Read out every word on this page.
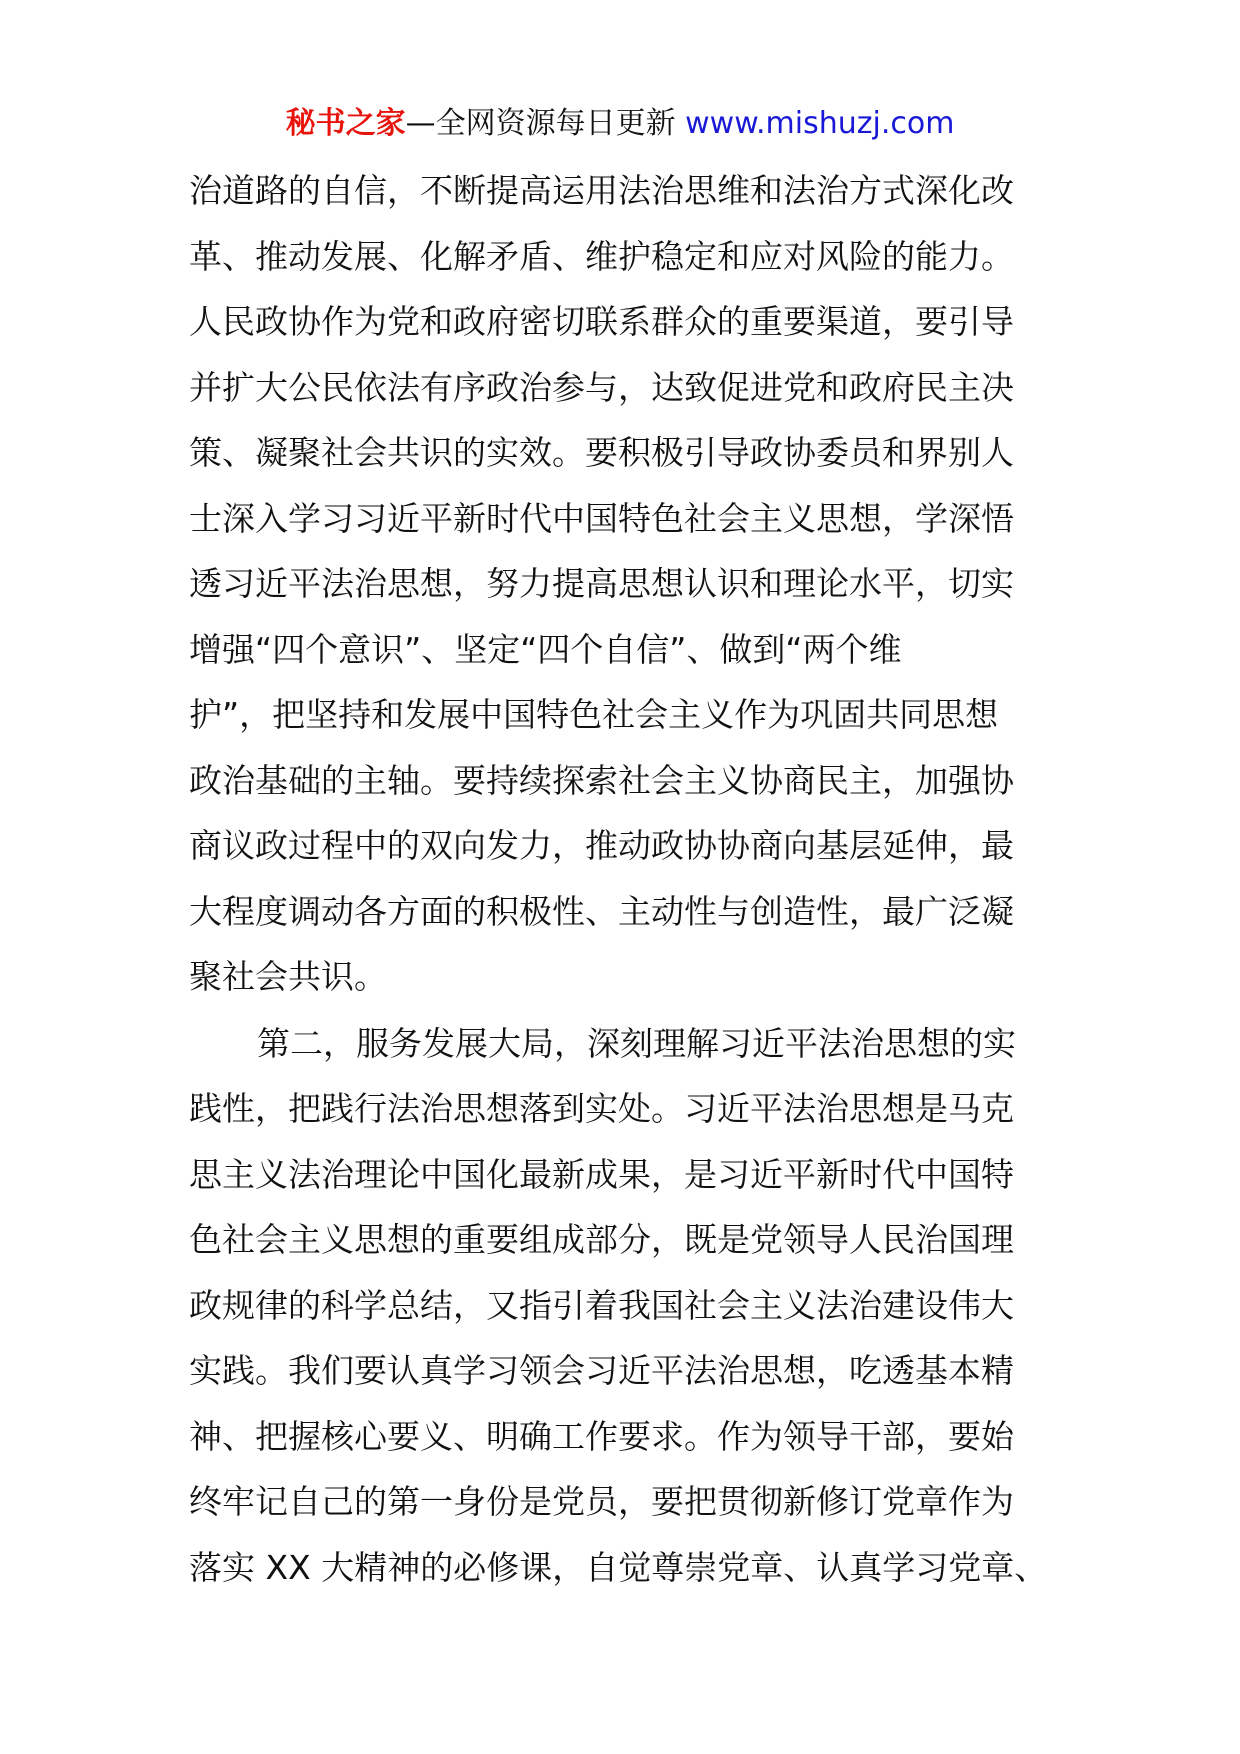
秘书之家—全网资源每日更新 www.mishuzj.com
治道路的自信，不断提高运用法治思维和法治方式深化改
革、推动发展、化解矛盾、维护稳定和应对风险的能力。
人民政协作为党和政府密切联系群众的重要渠道，要引导
并扩大公民依法有序政治参与，达致促进党和政府民主决
策、凝聚社会共识的实效。要积极引导政协委员和界别人
士深入学习习近平新时代中国特色社会主义思想，学深悟
透习近平法治思想，努力提高思想认识和理论水平，切实
增强“四个意识”、坚定“四个自信”、做到“两个维
护”，把坚持和发展中国特色社会主义作为巩固共同思想
政治基础的主轴。要持续探索社会主义协商民主，加强协
商议政过程中的双向发力，推动政协协商向基层延伸，最
大程度调动各方面的积极性、主动性与创造性，最广泛凝
聚社会共识。
第二，服务发展大局，深刻理解习近平法治思想的实
践性，把践行法治思想落到实处。习近平法治思想是马克
思主义法治理论中国化最新成果，是习近平新时代中国特
色社会主义思想的重要组成部分，既是党领导人民治国理
政规律的科学总结，又指引着我国社会主义法治建设伟大
实践。我们要认真学习领会习近平法治思想，吃透基本精
神、把握核心要义、明确工作要求。作为领导干部，要始
终牢记自己的第一身份是党员，要把贯彻新修订党章作为
落实 XX 大精神的必修课，自觉尊崇党章、认真学习党章、
